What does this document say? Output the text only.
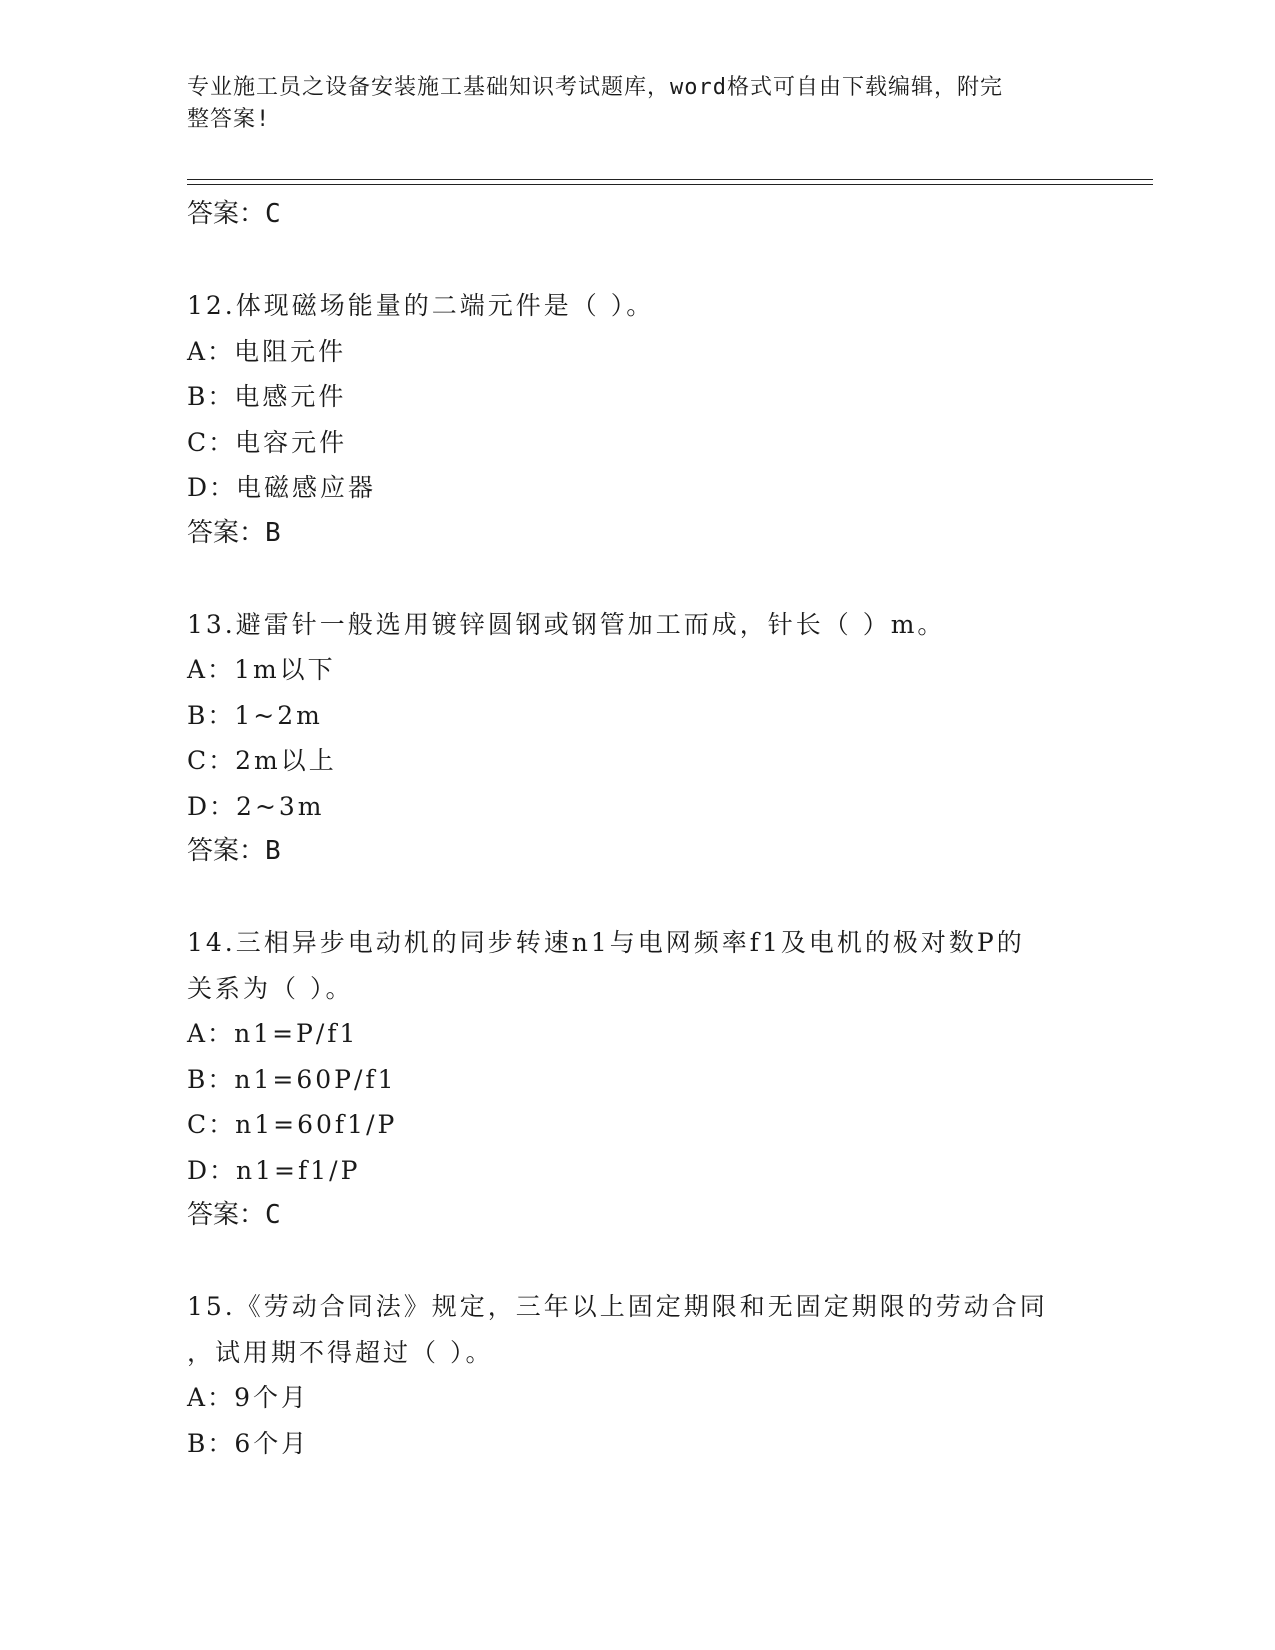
专业施工员之设备安装施工基础知识考试题库，word格式可自由下载编辑，附完
整答案!
答案：C
12.体现磁场能量的二端元件是（ ）。
A：电阻元件
B：电感元件
C：电容元件
D：电磁感应器
答案：B
13.避雷针一般选用镀锌圆钢或钢管加工而成，针长（ ）m。
A：1m以下
B：1~2m
C：2m以上
D：2~3m
答案：B
14.三相异步电动机的同步转速n1与电网频率f1及电机的极对数P的
关系为（ ）。
A：n1=P/f1
B：n1=60P/f1
C：n1=60f1/P
D：n1=f1/P
答案：C
15.《劳动合同法》规定，三年以上固定期限和无固定期限的劳动合同
，试用期不得超过（ ）。
A：9个月
B：6个月
